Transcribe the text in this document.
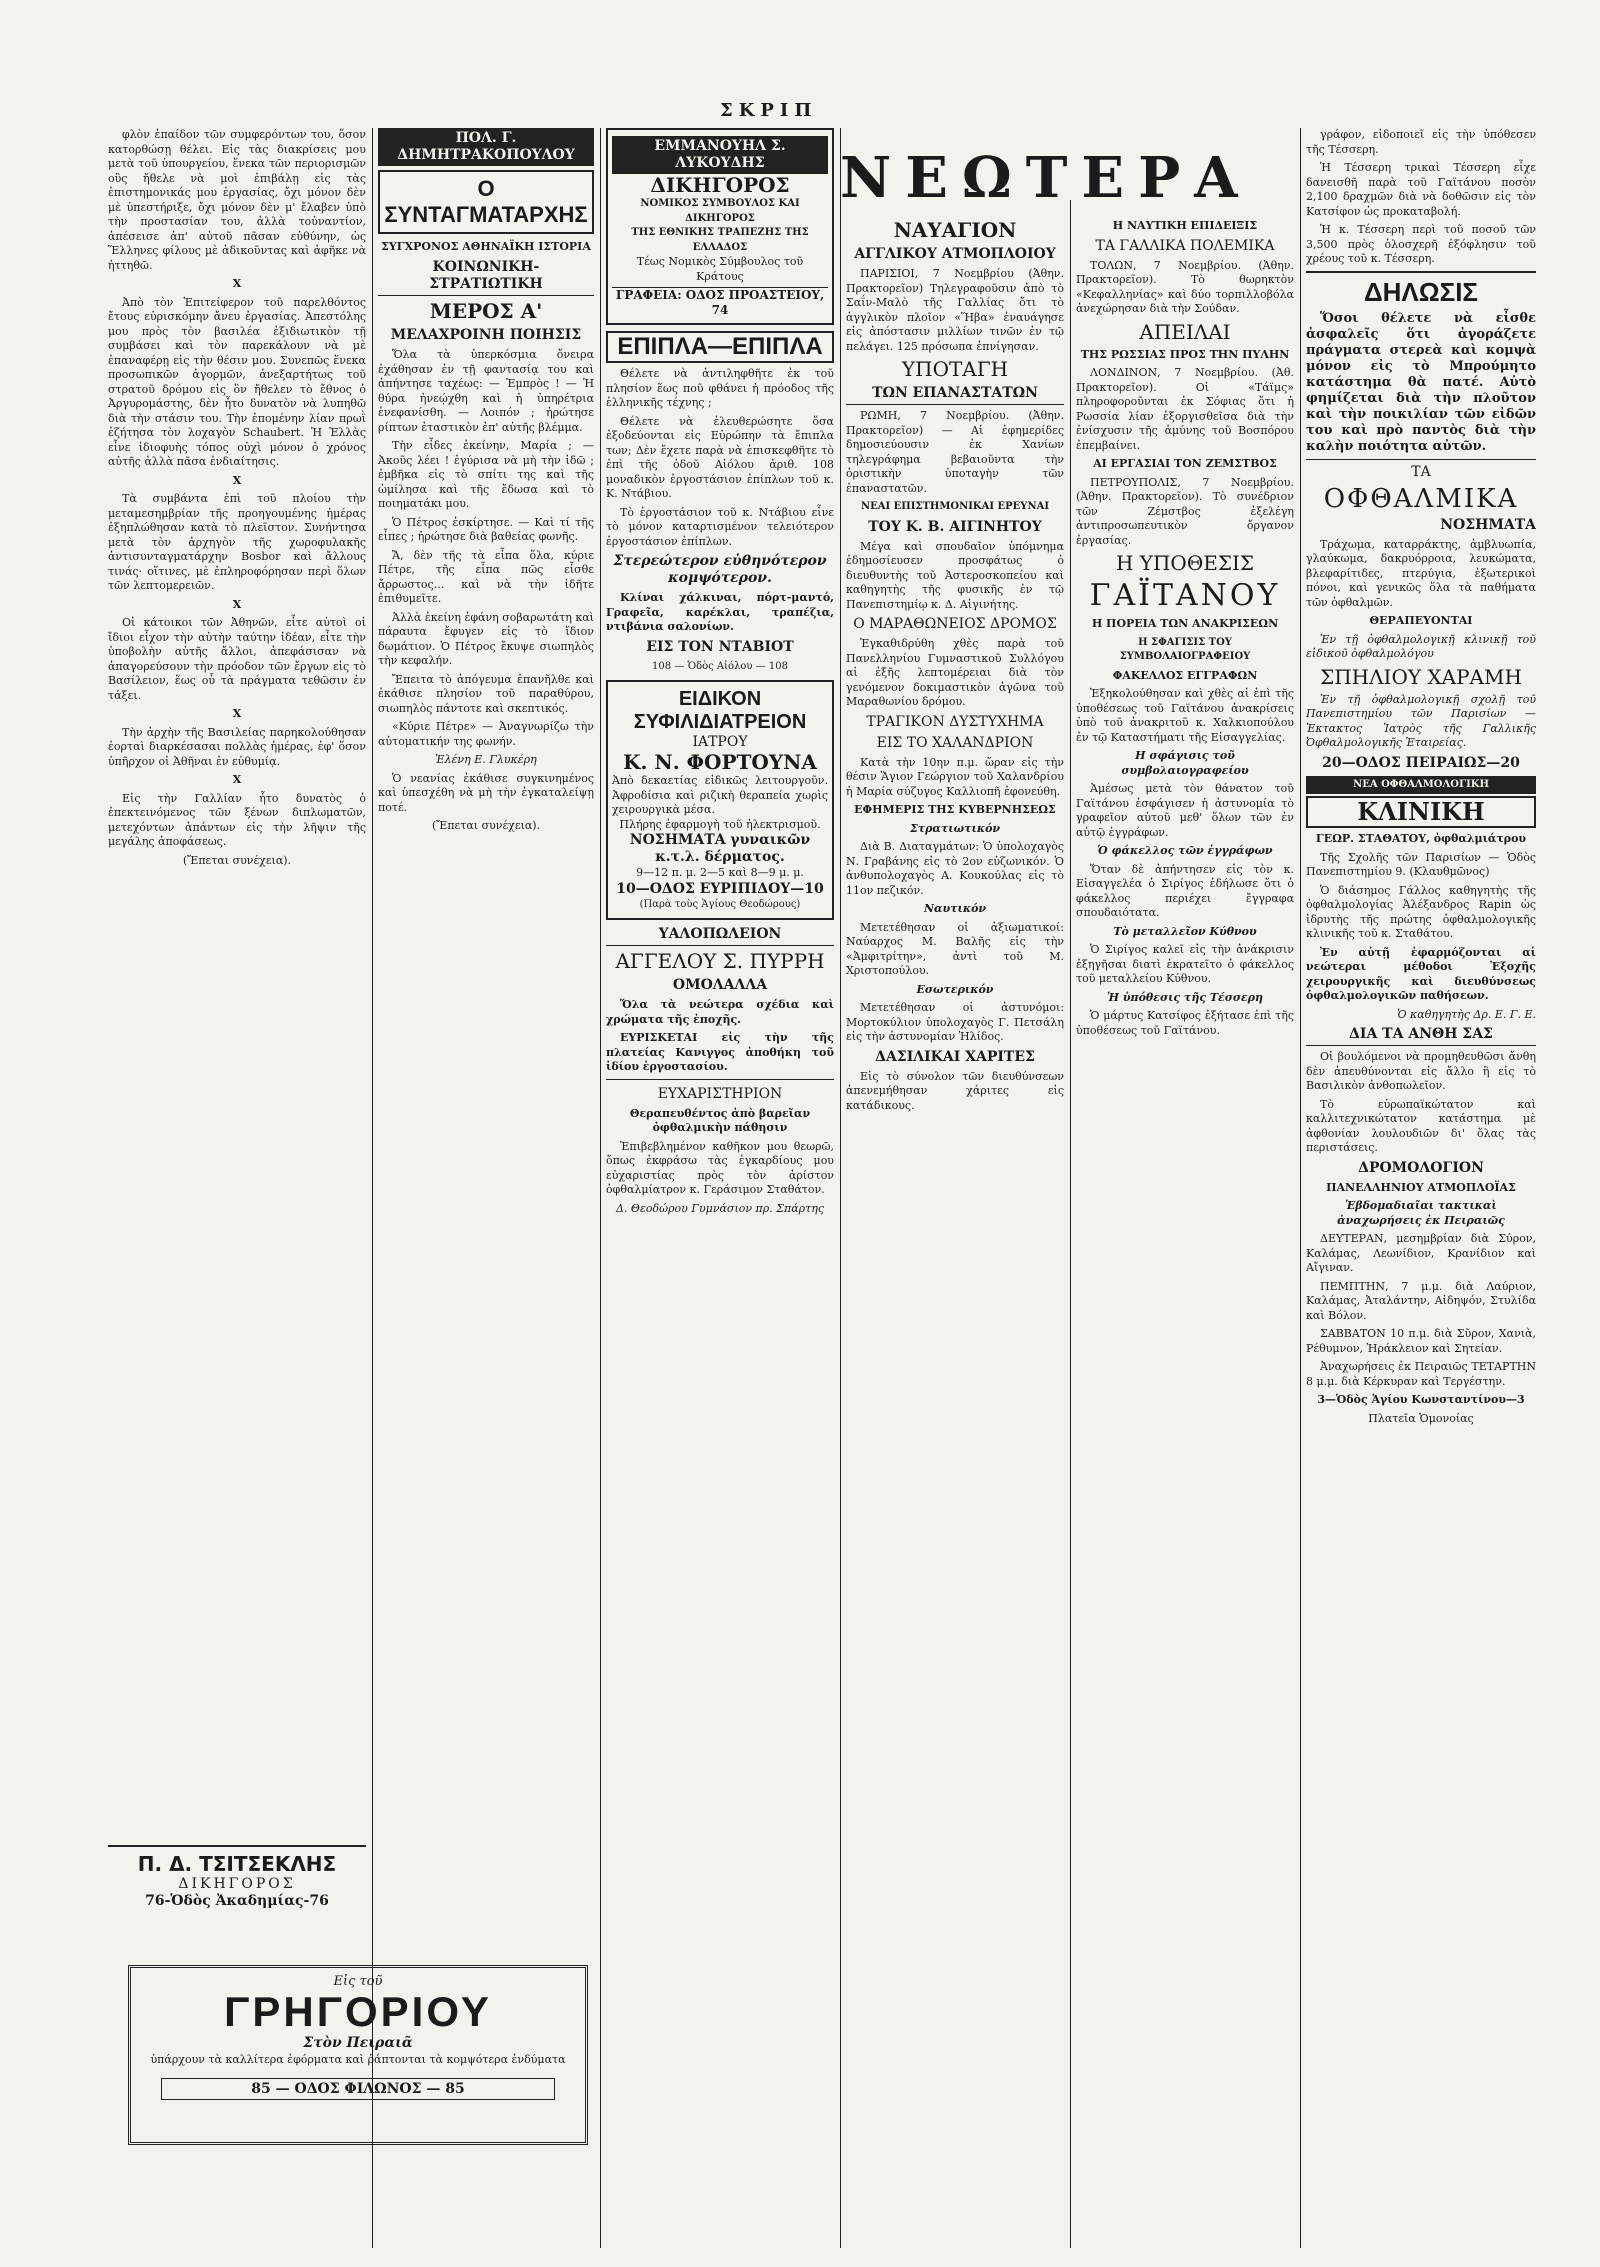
ΣΚΡΙΠ
ΝΕΩΤΕΡΑ

φλὸν ἐπαίδον τῶν συμφερόντων του, ὅσον κατορθώσῃ θέλει. Εἰς τὰς διακρίσεις μου μετὰ τοῦ ὑπουργείου, ἕνεκα τῶν περιορισμῶν οὓς ἤθελε νὰ μοὶ ἐπιβάλῃ εἰς τὰς ἐπιστημονικάς μου ἐργασίας, ὄχι μόνον δὲν μὲ ὑπεστήριξε, ὄχι μόνον δὲν μ' ἔλαβεν ὑπὸ τὴν προστασίαν του, ἀλλὰ τοὐναντίον, ἀπέσεισε ἀπ' αὐτοῦ πᾶσαν εὐθύνην, ὡς Ἕλληνες φίλους μὲ ἀδικοῦντας καὶ ἀφῆκε νὰ ἡττηθῶ.

X

Ἀπὸ τὸν Ἐπιτείφερον τοῦ παρελθόντος ἔτους εὑρισκόμην ἄνευ ἐργασίας. Ἀπεστόλης μου πρὸς τὸν βασιλέα ἐξιδιωτικὸν τῇ συμβάσει καὶ τὸν παρεκάλουν νὰ μὲ ἐπαναφέρῃ εἰς τὴν θέσιν μου. Συνεπῶς ἕνεκα προσωπικῶν ἀγορμῶν, ἀνεξαρτήτως τοῦ στρατοῦ δρόμου εἰς ὃν ἤθελεν τὸ ἔθνος ὁ Ἀργυρομάστης, δὲν ἦτο δυνατὸν νὰ λυπηθῶ διὰ τὴν στάσιν του. Τὴν ἐπομένην λίαν πρωῒ ἐζήτησα τὸν λοχαγὸν Schaubert. Ἡ Ἑλλὰς εἶνε ἰδιοφυὴς τόπος οὐχὶ μόνον ὁ χρόνος αὐτῆς ἀλλὰ πᾶσα ἐνδιαίτησις.

X

Τὰ συμβάντα ἐπὶ τοῦ πλοίου τὴν μεταμεσημβρίαν τῆς προηγουμένης ἡμέρας ἐξηπλώθησαν κατὰ τὸ πλεῖστον. Συνήντησα μετὰ τὸν ἀρχηγὸν τῆς χωροφυλακῆς ἀντισυνταγματάρχην Bosbor καὶ ἄλλους τινάς· οἵτινες, μὲ ἐπληροφόρησαν περὶ ὅλων τῶν λεπτομερειῶν.

X

Οἱ κάτοικοι τῶν Ἀθηνῶν, εἶτε αὐτοὶ οἱ ἴδιοι εἶχον τὴν αὐτὴν ταύτην ἰδέαν, εἶτε τὴν ὑποβολὴν αὐτῆς ἄλλοι, ἀπεφάσισαν νὰ ἀπαγορεύσουν τὴν πρόοδον τῶν ἔργων εἰς τὸ Βασίλειον, ἕως οὗ τὰ πράγματα τεθῶσιν ἐν τάξει.

X

Τὴν ἀρχὴν τῆς Βασιλείας παρηκολούθησαν ἐορταὶ διαρκέσασαι πολλὰς ἡμέρας, ἐφ' ὅσον ὑπῆρχον οἱ Ἀθῆναι ἐν εὐθυμίᾳ.

X

Εἰς τὴν Γαλλίαν ἦτο δυνατὸς ὁ ἐπεκτεινόμενος τῶν ξένων διπλωματῶν, μετεχόντων ἁπάντων εἰς τὴν λῆψιν τῆς μεγάλης ἀποφάσεως.

(Ἔπεται συνέχεια).
Π. Δ. ΤΣΙΤΣΕΚΛΗΣ
ΔΙΚΗΓΟΡΟΣ
76-Ὁδὸς Ἀκαδημίας-76
ΠΟΛ. Γ. ΔΗΜΗΤΡΑΚΟΠΟΥΛΟΥ
Ο ΣΥΝΤΑΓΜΑΤΑΡΧΗΣ
ΣΥΓΧΡΟΝΟΣ ΑΘΗΝΑΪΚΗ ΙΣΤΟΡΙΑ
ΚΟΙΝΩΝΙΚΗ-ΣΤΡΑΤΙΩΤΙΚΗ
ΜΕΡΟΣ Α'
ΜΕΛΑΧΡΟΙΝΗ ΠΟΙΗΣΙΣ

Ὅλα τὰ ὑπερκόσμια ὄνειρα ἐχάθησαν ἐν τῇ φαντασίᾳ του καὶ ἀπήντησε ταχέως: — Ἐμπρὸς ! — Ἡ θύρα ἠνεῴχθη καὶ ἡ ὑπηρέτρια ἐνεφανίσθη. — Λοιπόν ; ἠρώτησε ρίπτων ἐταστικὸν ἐπ' αὐτῆς βλέμμα.

Τὴν εἶδες ἐκείνην, Μαρία ; — Ἀκοῦς λέει ! ἐγύρισα νὰ μὴ τὴν ἰδῶ ; ἐμβῆκα εἰς τὸ σπίτι της καὶ τῆς ὡμίλησα καὶ τῆς ἔδωσα καὶ τὸ ποιηματάκι μου.

Ὁ Πέτρος ἐσκίρτησε. — Καὶ τί τῆς εἶπες ; ἠρώτησε διὰ βαθείας φωνῆς.

Ἄ, δὲν τῆς τὰ εἶπα ὅλα, κύριε Πέτρε, τῆς εἶπα πῶς εἶσθε ἄρρωστος... καὶ νὰ τὴν ἰδῆτε ἐπιθυμεῖτε.

Ἀλλὰ ἐκείνη ἐφάνη σοβαρωτάτη καὶ πάραυτα ἔφυγεν εἰς τὸ ἴδιον δωμάτιον. Ὁ Πέτρος ἔκυψε σιωπηλὸς τὴν κεφαλήν.

Ἔπειτα τὸ ἀπόγευμα ἐπανῆλθε καὶ ἐκάθισε πλησίον τοῦ παραθύρου, σιωπηλὸς πάντοτε καὶ σκεπτικός.

«Κύριε Πέτρε» — Ἀναγνωρίζω τὴν αὐτοματικήν της φωνήν.

Ἑλένη Ε. Γλυκέρη

Ὁ νεανίας ἐκάθισε συγκινημένος καὶ ὑπεσχέθη νὰ μὴ τὴν ἐγκαταλείψῃ ποτέ.

(Ἔπεται συνέχεια).
ΕΜΜΑΝΟΥΗΛ Σ. ΛΥΚΟΥΔΗΣ
ΔΙΚΗΓΟΡΟΣ
ΝΟΜΙΚΟΣ ΣΥΜΒΟΥΛΟΣ ΚΑΙ ΔΙΚΗΓΟΡΟΣ
ΤΗΣ ΕΘΝΙΚΗΣ ΤΡΑΠΕΖΗΣ ΤΗΣ ΕΛΛΑΔΟΣ
Τέως Νομικὸς Σύμβουλος τοῦ Κράτους
ΓΡΑΦΕΙΑ: ΟΔΟΣ ΠΡΟΑΣΤΕΙΟΥ, 74
ΕΠΙΠΛΑ—ΕΠΙΠΛΑ

Θέλετε νὰ ἀντιληφθῆτε ἐκ τοῦ πλησίον ἕως ποῦ φθάνει ἡ πρόοδος τῆς ἑλληνικῆς τέχνης ;

Θέλετε νὰ ἐλευθερώσητε ὅσα ἐξοδεύονται εἰς Εὐρώπην τὰ ἔπιπλα των; Δὲν ἔχετε παρὰ νὰ ἐπισκεφθῆτε τὸ ἐπὶ τῆς ὁδοῦ Αἰόλου ἀριθ. 108 μοναδικὸν ἐργοστάσιον ἐπίπλων τοῦ κ. Κ. Ντάβιου.

Τὸ ἐργοστάσιον τοῦ κ. Ντάβιου εἶνε τὸ μόνον καταρτισμένον τελειότερον ἐργοστάσιον ἐπίπλων.

Στερεώτερον εὐθηνότερον κομψότερον.

Κλίναι χάλκιναι, πόρτ-μαντό, Γραφεῖα, καρέκλαι, τραπέζια, ντιβάνια σαλονίων.

ΕΙΣ ΤΟΝ ΝΤΑΒΙΟΤ
108 — Ὁδὸς Αἰόλου — 108
ΕΙΔΙΚΟΝ ΣΥΦΙΛΙΔΙΑΤΡΕΙΟΝ
ΙΑΤΡΟΥ
Κ. Ν. ΦΟΡΤΟΥΝΑ
Ἀπὸ δεκαετίας εἰδικῶς λειτουργοῦν. Ἀφροδίσια καὶ ριζικὴ θεραπεία χωρὶς χειρουργικὰ μέσα.
Πλήρης ἐφαρμογὴ τοῦ ἠλεκτρισμοῦ.
ΝΟΣΗΜΑΤΑ γυναικῶν κ.τ.λ. δέρματος.
9—12 π. μ. 2—5 καὶ 8—9 μ. μ.
10—ΟΔΟΣ ΕΥΡΙΠΙΔΟΥ—10
(Παρὰ τοὺς Ἁγίους Θεοδώρους)
ΥΑΛΟΠΩΛΕΙΟΝ
ΑΓΓΕΛΟΥ Σ. ΠΥΡΡΗ
ΟΜΟΛΑΛΛΑ

Ὅλα τὰ νεώτερα σχέδια καὶ χρώματα τῆς ἐποχῆς.

ΕΥΡΙΣΚΕΤΑΙ εἰς τὴν τῆς πλατείας Κανιγγος ἀποθήκη τοῦ ἰδίου ἐργοστασίου.

ΕΥΧΑΡΙΣΤΗΡΙΟΝ
Θεραπευθέντος ἀπὸ βαρεῖαν ὀφθαλμικὴν πάθησιν

Ἐπιβεβλημένον καθῆκον μου θεωρῶ, ὅπως ἐκφράσω τὰς ἐγκαρδίους μου εὐχαριστίας πρὸς τὸν ἀρίστον ὀφθαλμίατρον κ. Γεράσιμον Σταθάτον.

Δ. Θεοδώρου Γυμνάσιον πρ. Σπάρτης
ΝΑΥΑΓΙΟΝ
ΑΓΓΛΙΚΟΥ ΑΤΜΟΠΛΟΙΟΥ

ΠΑΡΙΣΙΟΙ, 7 Νοεμβρίου (Ἀθην. Πρακτορεῖον) Τηλεγραφοῦσιν ἀπὸ τὸ Σαΐν-Μαλὸ τῆς Γαλλίας ὅτι τὸ ἀγγλικὸν πλοῖον «Ἥβα» ἐναυάγησε εἰς ἀπόστασιν μιλλίων τινῶν ἐν τῷ πελάγει. 125 πρόσωπα ἐπνίγησαν.

ΥΠΟΤΑΓΗ
ΤΩΝ ΕΠΑΝΑΣΤΑΤΩΝ

ΡΩΜΗ, 7 Νοεμβρίου. (Ἀθην. Πρακτορεῖον) — Αἱ ἐφημερίδες δημοσιεύουσιν ἐκ Χανίων τηλεγράφημα βεβαιοῦντα τὴν ὁριστικὴν ὑποταγὴν τῶν ἐπαναστατῶν.

ΝΕΑΙ ΕΠΙΣΤΗΜΟΝΙΚΑΙ ΕΡΕΥΝΑΙ
ΤΟΥ Κ. Β. ΑΙΓΙΝΗΤΟΥ

Μέγα καὶ σπουδαῖον ὑπόμνημα ἐδημοσίευσεν προσφάτως ὁ διευθυντὴς τοῦ Ἀστεροσκοπείου καὶ καθηγητὴς τῆς φυσικῆς ἐν τῷ Πανεπιστημίῳ κ. Δ. Αἰγινήτης.

Ο ΜΑΡΑΘΩΝΕΙΟΣ ΔΡΟΜΟΣ

Ἐγκαθιδρύθη χθὲς παρὰ τοῦ Πανελληνίου Γυμναστικοῦ Συλλόγου αἱ ἐξῆς λεπτομέρειαι διὰ τὸν γενόμενον δοκιμαστικὸν ἀγῶνα τοῦ Μαραθωνίου δρόμου.

ΤΡΑΓΙΚΟΝ ΔΥΣΤΥΧΗΜΑ
ΕΙΣ ΤΟ ΧΑΛΑΝΔΡΙΟΝ

Κατὰ τὴν 10ην π.μ. ὥραν εἰς τὴν θέσιν Ἅγιον Γεώργιον τοῦ Χαλανδρίου ἡ Μαρία σύζυγος Καλλιοπῆ ἐφονεύθη.

ΕΦΗΜΕΡΙΣ ΤΗΣ ΚΥΒΕΡΝΗΣΕΩΣ
Στρατιωτικόν

Διὰ Β. Διαταγμάτων: Ὁ ὑπολοχαγὸς Ν. Γραβάνης εἰς τὸ 2ον εὐζωνικόν. Ὁ ἀνθυπολοχαγὸς Α. Κουκούλας εἰς τὸ 11ον πεζικόν.

Ναυτικόν

Μετετέθησαν οἱ ἀξιωματικοί: Ναύαρχος Μ. Βαλῆς εἰς τὴν «Ἀμφιτρίτην», ἀντὶ τοῦ Μ. Χριστοπούλου.

Εσωτερικόν

Μετετέθησαν οἱ ἀστυνόμοι: Μορτοκύλιον ὑπολοχαγὸς Γ. Πετσάλη εἰς τὴν ἀστυνομίαν Ἠλίδος.

ΔΑΣΙΛΙΚΑΙ ΧΑΡΙΤΕΣ

Εἰς τὸ σύνολον τῶν διευθύνσεων ἀπενεμήθησαν χάριτες εἰς κατάδικους.

Η ΝΑΥΤΙΚΗ ΕΠΙΔΕΙΞΙΣ
ΤΑ ΓΑΛΛΙΚΑ ΠΟΛΕΜΙΚΑ

ΤΟΛΩΝ, 7 Νοεμβρίου. (Ἀθην. Πρακτορεῖον). Τὸ θωρηκτὸν «Κεφαλληνίας» καὶ δύο τορπιλλοβόλα ἀνεχώρησαν διὰ τὴν Σούδαν.

ΑΠΕΙΛΑΙ
ΤΗΣ ΡΩΣΣΙΑΣ ΠΡΟΣ ΤΗΝ ΠΥΛΗΝ

ΛΟΝΔΙΝΟΝ, 7 Νοεμβρίου. (Ἀθ. Πρακτορεῖον). Οἱ «Τάϊμς» πληροφοροῦνται ἐκ Σόφιας ὅτι ἡ Ρωσσία λίαν ἐξοργισθεῖσα διὰ τὴν ἐνίσχυσιν τῆς ἀμύνης τοῦ Βοσπόρου ἐπεμβαίνει.

ΑΙ ΕΡΓΑΣΙΑΙ ΤΟΝ ΖΕΜΣΤΒΟΣ

ΠΕΤΡΟΥΠΟΛΙΣ, 7 Νοεμβρίου. (Ἀθην. Πρακτορεῖον). Τὸ συνέδριον τῶν Ζέμστβος ἐξελέγη ἀντιπροσωπευτικὸν ὄργανον ἐργασίας.

Η ΥΠΟΘΕΣΙΣ
ΓΑΪΤΑΝΟΥ
Η ΠΟΡΕΙΑ ΤΩΝ ΑΝΑΚΡΙΣΕΩΝ
Η ΣΦΑΓΙΣΙΣ ΤΟΥ ΣΥΜΒΟΛΑΙΟΓΡΑΦΕΙΟΥ
ΦΑΚΕΛΛΟΣ ΕΓΓΡΑΦΩΝ

Ἐξηκολούθησαν καὶ χθὲς αἱ ἐπὶ τῆς ὑποθέσεως τοῦ Γαϊτάνου ἀνακρίσεις ὑπὸ τοῦ ἀνακριτοῦ κ. Χαλκιοπούλου ἐν τῷ Καταστήματι τῆς Εἰσαγγελίας.

Η σφάγισις τοῦ συμβολαιογραφείου

Ἀμέσως μετὰ τὸν θάνατον τοῦ Γαϊτάνου ἐσφάγισεν ἡ ἀστυνομία τὸ γραφεῖον αὐτοῦ μεθ' ὅλων τῶν ἐν αὐτῷ ἐγγράφων.

Ὁ φάκελλος τῶν ἐγγράφων

Ὅταν δὲ ἀπήντησεν εἰς τὸν κ. Εἰσαγγελέα ὁ Σιρίγος ἐδήλωσε ὅτι ὁ φάκελλος περιέχει ἔγγραφα σπουδαιότατα.

Τὸ μεταλλεῖον Κύθνου

Ὁ Σιρίγος καλεῖ εἰς τὴν ἀνάκρισιν ἐξηγῆσαι διατὶ ἐκρατεῖτο ὁ φάκελλος τοῦ μεταλλείου Κύθνου.

Ἡ ὑπόθεσις τῆς Τέσσερη

Ὁ μάρτυς Κατσίφος ἐξήτασε ἐπὶ τῆς ὑποθέσεως τοῦ Γαϊτάνου.

γράφον, εἰδοποιεῖ εἰς τὴν ὑπόθεσεν τῆς Τέσσερη.

Ἡ Τέσσερη τρικαὶ Τέσσερη εἶχε δανεισθῆ παρὰ τοῦ Γαϊτάνου ποσὸν 2,100 δραχμῶν διὰ νὰ δοθῶσιν εἰς τὸν Κατσίφον ὡς προκαταβολή.

Ἡ κ. Τέσσερη περὶ τοῦ ποσοῦ τῶν 3,500 πρὸς ὁλοσχερῆ ἐξόφλησιν τοῦ χρέους τοῦ κ. Τέσσερη.

ΔΗΛΩΣΙΣ

Ὅσοι θέλετε νὰ εἶσθε ἀσφαλεῖς ὅτι ἀγοράζετε πράγματα στερεὰ καὶ κομψὰ μόνον εἰς τὸ Μπρούμητο κατάστημα θὰ πατέ. Αὐτὸ φημίζεται διὰ τὴν πλοῦτον καὶ τὴν ποικιλίαν τῶν εἰδῶν του καὶ πρὸ παντὸς διὰ τὴν καλὴν ποιότητα αὐτῶν.

ΤΑ
ΟΦΘΑΛΜΙΚΑ
ΝΟΣΗΜΑΤΑ

Τράχωμα, καταρράκτης, ἀμβλυωπία, γλαύκωμα, δακρυόρροια, λευκώματα, βλεφαρίτιδες, πτερύγια, ἐξωτερικοὶ πόνοι, καὶ γενικῶς ὅλα τὰ παθήματα τῶν ὀφθαλμῶν.

ΘΕΡΑΠΕΥΟΝΤΑΙ

Ἐν τῇ ὀφθαλμολογικῇ κλινικῇ τοῦ εἰδικοῦ ὀφθαλμολόγου

ΣΠΗΛΙΟΥ ΧΑΡΑΜΗ

Ἐν τῇ ὀφθαλμολογικῇ σχολῇ τοῦ Πανεπιστημίου τῶν Παρισίων — Ἐκτακτος Ἰατρὸς τῆς Γαλλικῆς Ὀφθαλμολογικῆς Ἑταιρείας.

20—ΟΔΟΣ ΠΕΙΡΑΙΩΣ—20
ΝΕΑ ΟΦΘΑΛΜΟΛΟΓΙΚΗ
ΚΛΙΝΙΚΗ
ΓΕΩΡ. ΣΤΑΘΑΤΟΥ, ὀφθαλμιάτρου

Τῆς Σχολῆς τῶν Παρισίων — Ὁδὸς Πανεπιστημίου 9. (Κλαυθμῶνος)

Ὁ διάσημος Γάλλος καθηγητὴς τῆς ὀφθαλμολογίας Ἀλέξανδρος Rapin ὡς ἰδρυτὴς τῆς πρώτης ὀφθαλμολογικῆς κλινικῆς τοῦ κ. Σταθάτου.

Ἐν αὐτῇ ἐφαρμόζονται αἱ νεώτεραι μέθοδοι Ἐξοχῆς χειρουργικῆς καὶ διευθύνσεως ὀφθαλμολογικῶν παθήσεων.

Ὁ καθηγητὴς Δρ. Ε. Γ. Ε.
ΔΙΑ ΤΑ ΑΝΘΗ ΣΑΣ

Οἱ βουλόμενοι νὰ προμηθευθῶσι ἄνθη δὲν ἀπευθύνονται εἰς ἄλλο ἢ εἰς τὸ Βασιλικὸν ἀνθοπωλεῖον.

Τὸ εὐρωπαϊκώτατον καὶ καλλιτεχνικώτατον κατάστημα μὲ ἀφθονίαν λουλουδιῶν δι' ὅλας τὰς περιστάσεις.

ΔΡΟΜΟΛΟΓΙΟΝ
ΠΑΝΕΛΛΗΝΙΟΥ ΑΤΜΟΠΛΟΪΑΣ
Ἑβδομαδιαῖαι τακτικαὶ ἀναχωρήσεις ἐκ Πειραιῶς

ΔΕΥΤΕΡΑΝ, μεσημβρίαν διὰ Σύρον, Καλάμας, Λεωνίδιον, Κρανίδιον καὶ Αἴγιναν.

ΠΕΜΠΤΗΝ, 7 μ.μ. διὰ Λαύριον, Καλάμας, Ἀταλάντην, Αἰδηψόν, Στυλίδα καὶ Βόλον.

ΣΑΒΒΑΤΟΝ 10 π.μ. διὰ Σῦρον, Χανιὰ, Ρέθυμνον, Ἡράκλειον καὶ Σητείαν.

Ἀναχωρήσεις ἐκ Πειραιῶς ΤΕΤΑΡΤΗΝ 8 μ.μ. διὰ Κέρκυραν καὶ Τεργέστην.

3—Ὁδὸς Ἁγίου Κωνσταντίνου—3
Πλατεῖα Ὁμονοίας
Εἰς τοῦ
ΓΡΗΓΟΡΙΟΥ
Στὸν Πειραιᾶ
ὑπάρχουν τὰ καλλίτερα ἐφόρματα καὶ ῥάπτονται τὰ κομψότερα ἐνδύματα
85 — ΟΔΟΣ ΦΙΛΩΝΟΣ — 85
